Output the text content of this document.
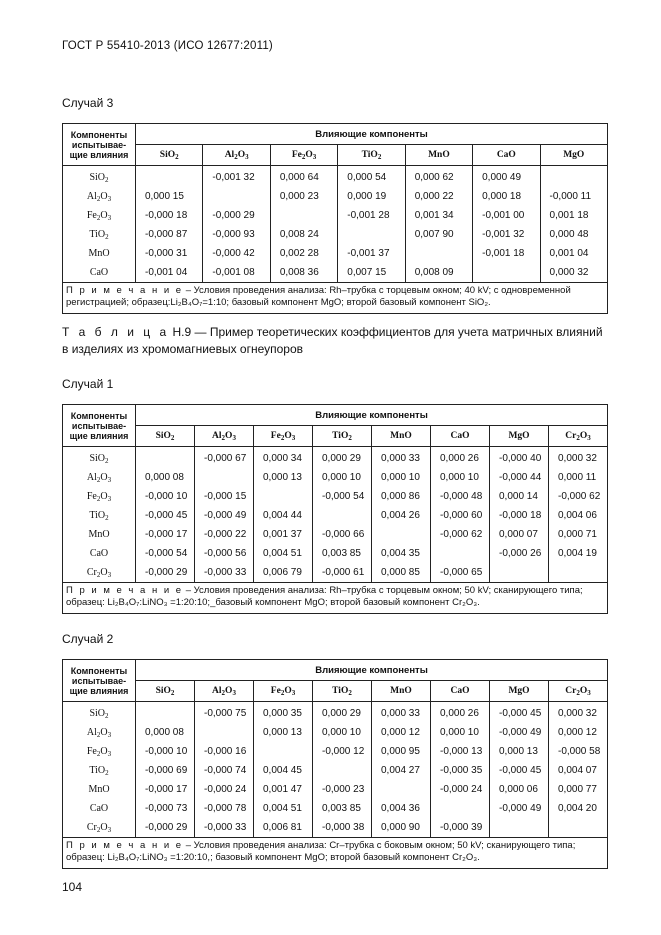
ГОСТ Р 55410-2013 (ИСО 12677:2011)
Случай 3
Компоненты испытывае-щие влияния	Влияющие компоненты						
	SiO$_2$	$Al_2O_3$	$Fe_2O_3$	TiO$_2$	MnO	CaO	MgO
SiO$_2$		-0,001 32	0,000 64	0,000 54	0,000 62	0,000 49	
$Al_2O_3$	0,000 15		0,000 23	0,000 19	0,000 22	0,000 18	-0,000 11
$Fe_2O_3$	-0,000 18	-0,000 29		-0,001 28	0,001 34	-0,001 00	0,001 18
TiO$_2$	-0,000 87	-0,000 93	0,008 24		0,007 90	-0,001 32	0,000 48
MnO	-0,000 31	-0,000 42	0,002 28	-0,001 37		-0,001 18	0,001 04
CaO	-0,001 04	-0,001 08	0,008 36	0,007 15	0,008 09		0,000 32
П р и м е ч а н и е – Условия проведения анализа: Rh–трубка с торцевым окном; 40 kV; с одновременной регистрацией; образец:Li₂B₄O₇=1:10; базовый компонент MgO; второй базовый компонент SiO₂.							
Т а б л и ц а Н.9 — Пример теоретических коэффициентов для учета матричных влияний в изделиях из хромомагниевых огнеупоров
Случай 1
Компоненты испытывае-щие влияния	Влияющие компоненты							
	SiO$_2$	$Al_2O_3$	$Fe_2O_3$	TiO$_2$	MnO	CaO	MgO	$Cr_2O_3$
SiO$_2$		-0,000 67	0,000 34	0,000 29	0,000 33	0,000 26	-0,000 40	0,000 32
$Al_2O_3$	0,000 08		0,000 13	0,000 10	0,000 10	0,000 10	-0,000 44	0,000 11
$Fe_2O_3$	-0,000 10	-0,000 15		-0,000 54	0,000 86	-0,000 48	0,000 14	-0,000 62
TiO$_2$	-0,000 45	-0,000 49	0,004 44		0,004 26	-0,000 60	-0,000 18	0,004 06
MnO	-0,000 17	-0,000 22	0,001 37	-0,000 66		-0,000 62	0,000 07	0,000 71
CaO	-0,000 54	-0,000 56	0,004 51	0,003 85	0,004 35		-0,000 26	0,004 19
$Cr_2O_3$	-0,000 29	-0,000 33	0,006 79	-0,000 61	0,000 85	-0,000 65		
П р и м е ч а н и е – Условия проведения анализа: Rh–трубка с торцевым окном; 50 kV; сканирующего типа; образец: Li₂B₄O₇:LiNO₃ =1:20:10;_базовый компонент MgO; второй базовый компонент Cr₂O₃.								
Случай 2
Компоненты испытывае-щие влияния	Влияющие компоненты							
	SiO$_2$	$Al_2O_3$	$Fe_2O_3$	TiO$_2$	MnO	CaO	MgO	$Cr_2O_3$
SiO$_2$		-0,000 75	0,000 35	0,000 29	0,000 33	0,000 26	-0,000 45	0,000 32
$Al_2O_3$	0,000 08		0,000 13	0,000 10	0,000 12	0,000 10	-0,000 49	0,000 12
$Fe_2O_3$	-0,000 10	-0,000 16		-0,000 12	0,000 95	-0,000 13	0,000 13	-0,000 58
TiO$_2$	-0,000 69	-0,000 74	0,004 45		0,004 27	-0,000 35	-0,000 45	0,004 07
MnO	-0,000 17	-0,000 24	0,001 47	-0,000 23		-0,000 24	0,000 06	0,000 77
CaO	-0,000 73	-0,000 78	0,004 51	0,003 85	0,004 36		-0,000 49	0,004 20
$Cr_2O_3$	-0,000 29	-0,000 33	0,006 81	-0,000 38	0,000 90	-0,000 39		
П р и м е ч а н и е – Условия проведения анализа: Cr–трубка с боковым окном; 50 kV; сканирующего типа; образец: Li₂B₄O₇:LiNO₃ =1:20:10,; базовый компонент MgO; второй базовый компонент Cr₂O₃.								
104
